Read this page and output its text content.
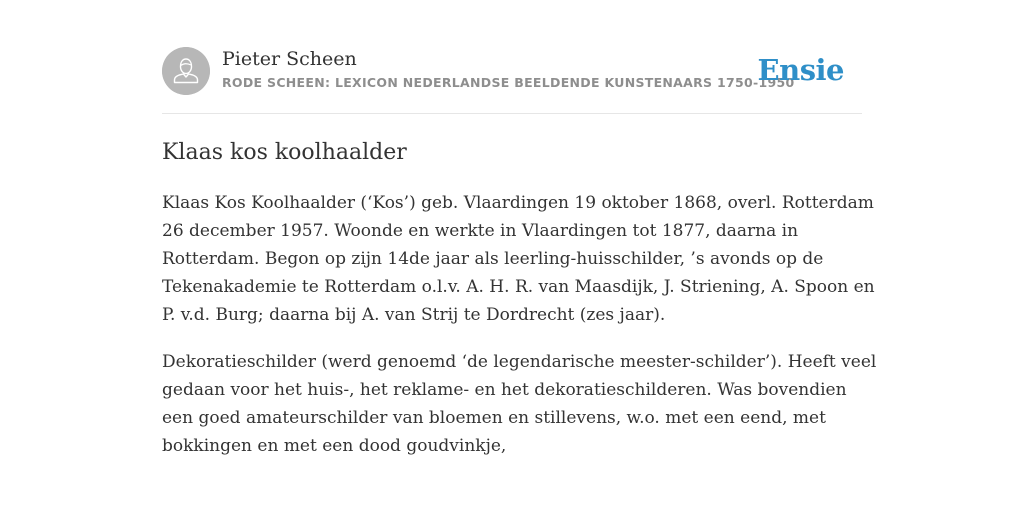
Pieter Scheen
RODE SCHEEN: LEXICON NEDERLANDSE BEELDENDE KUNSTENAARS 1750-1950
Ensie
Klaas kos koolhaalder

Klaas Kos Koolhaalder (‘Kos’) geb. Vlaardingen 19 oktober 1868, overl. Rotterdam 26 december 1957. Woonde en werkte in Vlaardingen tot 1877, daarna in Rotterdam. Begon op zijn 14de jaar als leerling-huisschilder, ’s avonds op de Tekenakademie te Rotterdam o.l.v. A. H. R. van Maasdijk, J. Striening, A. Spoon en P. v.d. Burg; daarna bij A. van Strij te Dordrecht (zes jaar).

Dekoratieschilder (werd genoemd ‘de legendarische meester-schilder’). Heeft veel gedaan voor het huis-, het reklame- en het dekoratieschilderen. Was bovendien een goed amateurschilder van bloemen en stillevens, w.o. met een eend, met bokkingen en met een dood goudvinkje,
